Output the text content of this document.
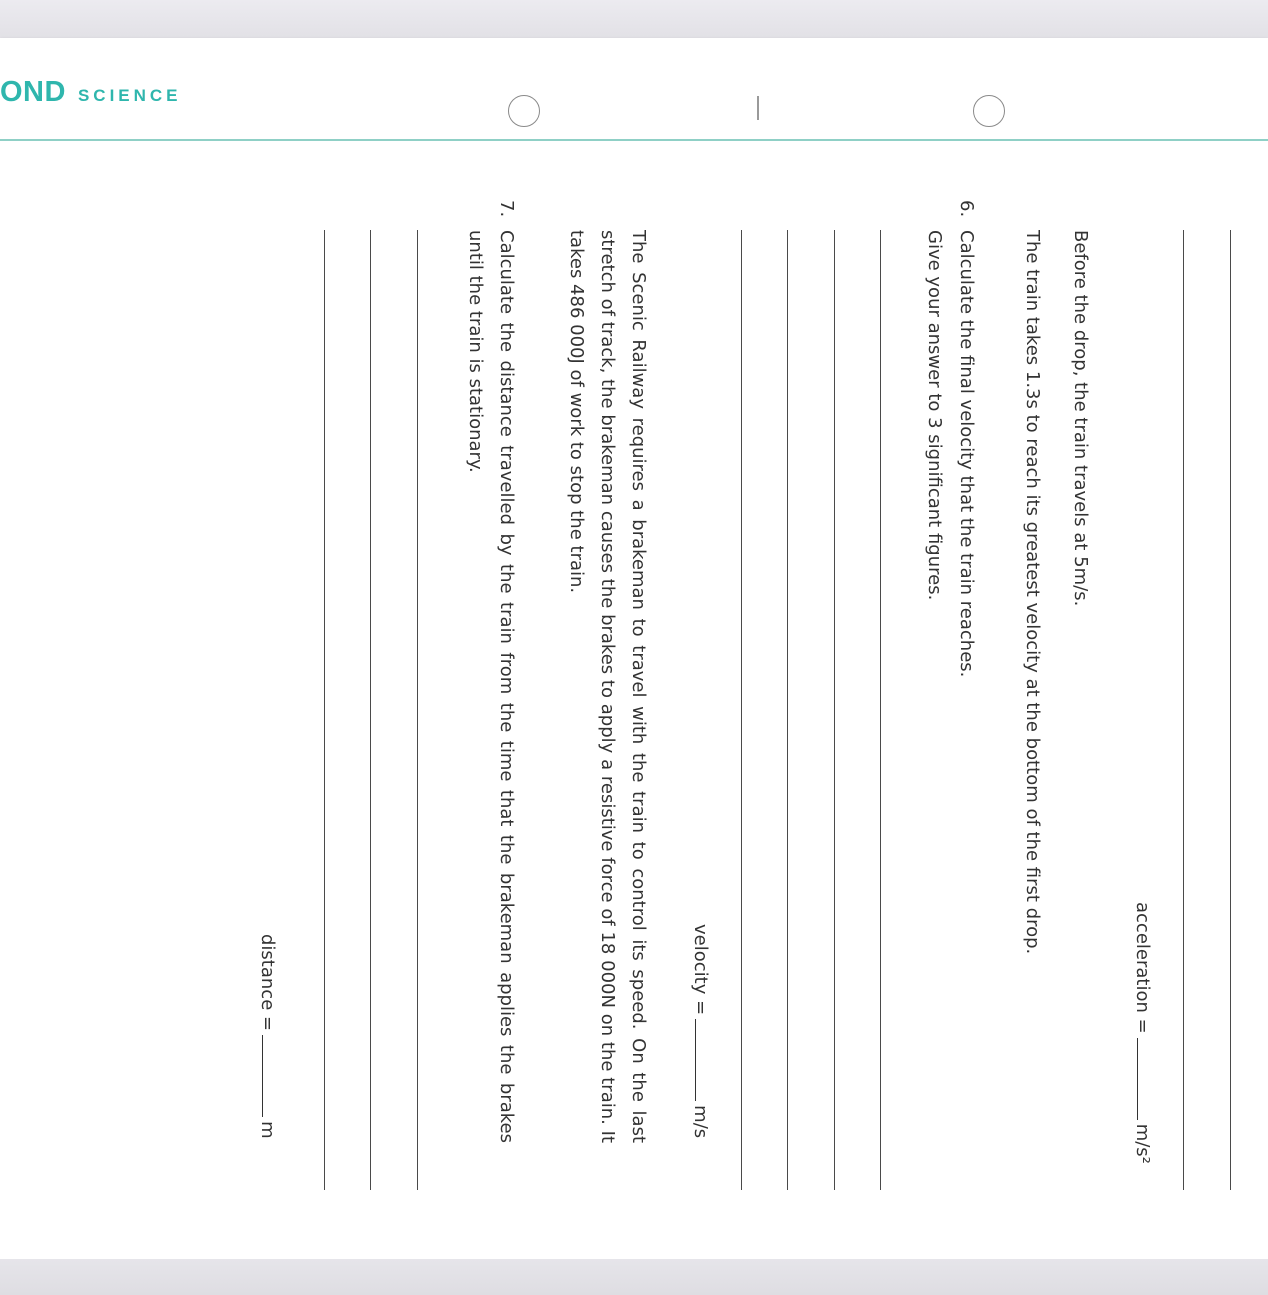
OND SCIENCE
acceleration =
m/s²
Before the drop, the train travels at 5m/s.
The train takes 1.3s to reach its greatest velocity at the bottom of the first drop.
6.
Calculate the final velocity that the train reaches.
Give your answer to 3 significant figures.
velocity =
m/s
The Scenic Railway requires a brakeman to travel with the train to control its speed. On the last stretch of track, the brakeman causes the brakes to apply a resistive force of 18 000N on the train. It takes 486 000J of work to stop the train.
7.
Calculate the distance travelled by the train from the time that the brakeman applies the brakes until the train is stationary.
distance =
m
